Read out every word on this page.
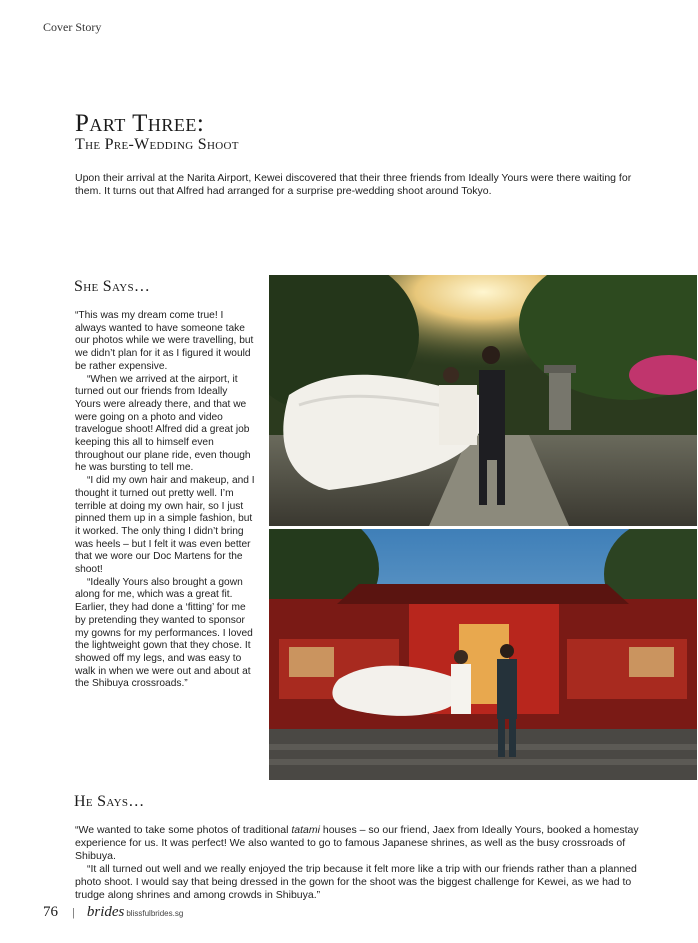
Cover Story
Part Three:
The Pre-Wedding Shoot
Upon their arrival at the Narita Airport, Kewei discovered that their three friends from Ideally Yours were there waiting for them. It turns out that Alfred had arranged for a surprise pre-wedding shoot around Tokyo.
She Says…

“This was my dream come true! I always wanted to have someone take our photos while we were travelling, but we didn’t plan for it as I figured it would be rather expensive.

“When we arrived at the airport, it turned out our friends from Ideally Yours were already there, and that we were going on a photo and video travelogue shoot! Alfred did a great job keeping this all to himself even throughout our plane ride, even though he was bursting to tell me.

“I did my own hair and makeup, and I thought it turned out pretty well. I’m terrible at doing my own hair, so I just pinned them up in a simple fashion, but it worked. The only thing I didn’t bring was heels – but I felt it was even better that we wore our Doc Martens for the shoot!

“Ideally Yours also brought a gown along for me, which was a great fit. Earlier, they had done a ‘fitting’ for me by pretending they wanted to sponsor my gowns for my performances. I loved the lightweight gown that they chose. It showed off my legs, and was easy to walk in when we were out and about at the Shibuya crossroads.”

He Says…

“We wanted to take some photos of traditional tatami houses – so our friend, Jaex from Ideally Yours, booked a homestay experience for us. It was perfect! We also wanted to go to famous Japanese shrines, as well as the busy crossroads of Shibuya.

“It all turned out well and we really enjoyed the trip because it felt more like a trip with our friends rather than a planned photo shoot. I would say that being dressed in the gown for the shoot was the biggest challenge for Kewei, as we had to trudge along shrines and among crowds in Shibuya.”

76 | brides blissfulbrides.sg
